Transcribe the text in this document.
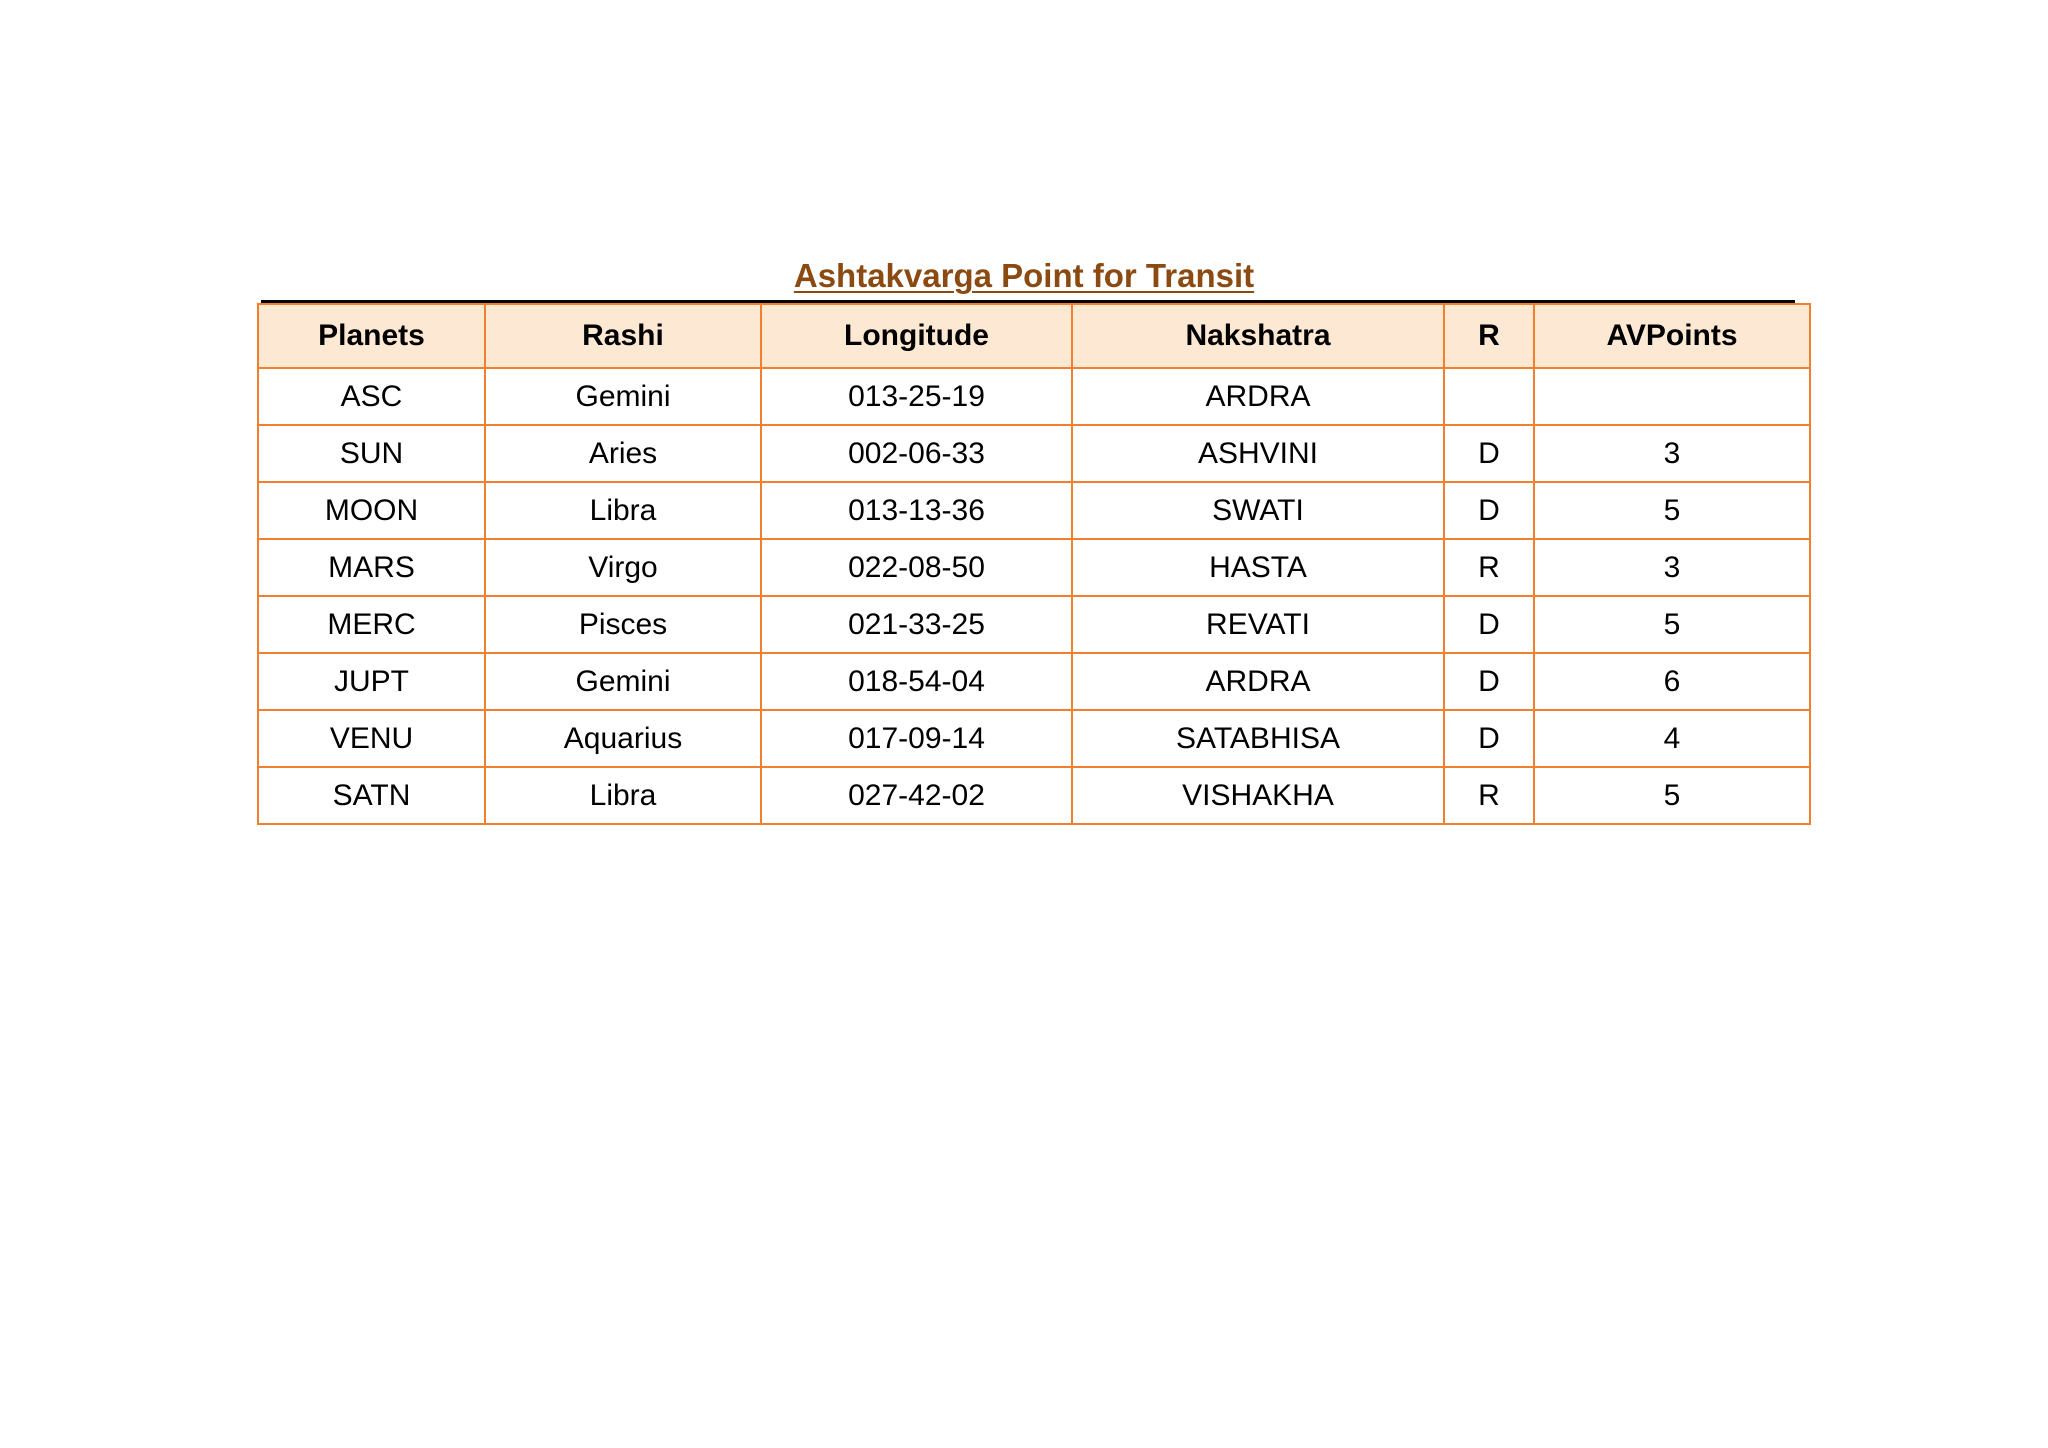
Ashtakvarga Point for Transit
Planets	Rashi	Longitude	Nakshatra	R	AVPoints
ASC	Gemini	013-25-19	ARDRA		
SUN	Aries	002-06-33	ASHVINI	D	3
MOON	Libra	013-13-36	SWATI	D	5
MARS	Virgo	022-08-50	HASTA	R	3
MERC	Pisces	021-33-25	REVATI	D	5
JUPT	Gemini	018-54-04	ARDRA	D	6
VENU	Aquarius	017-09-14	SATABHISA	D	4
SATN	Libra	027-42-02	VISHAKHA	R	5
